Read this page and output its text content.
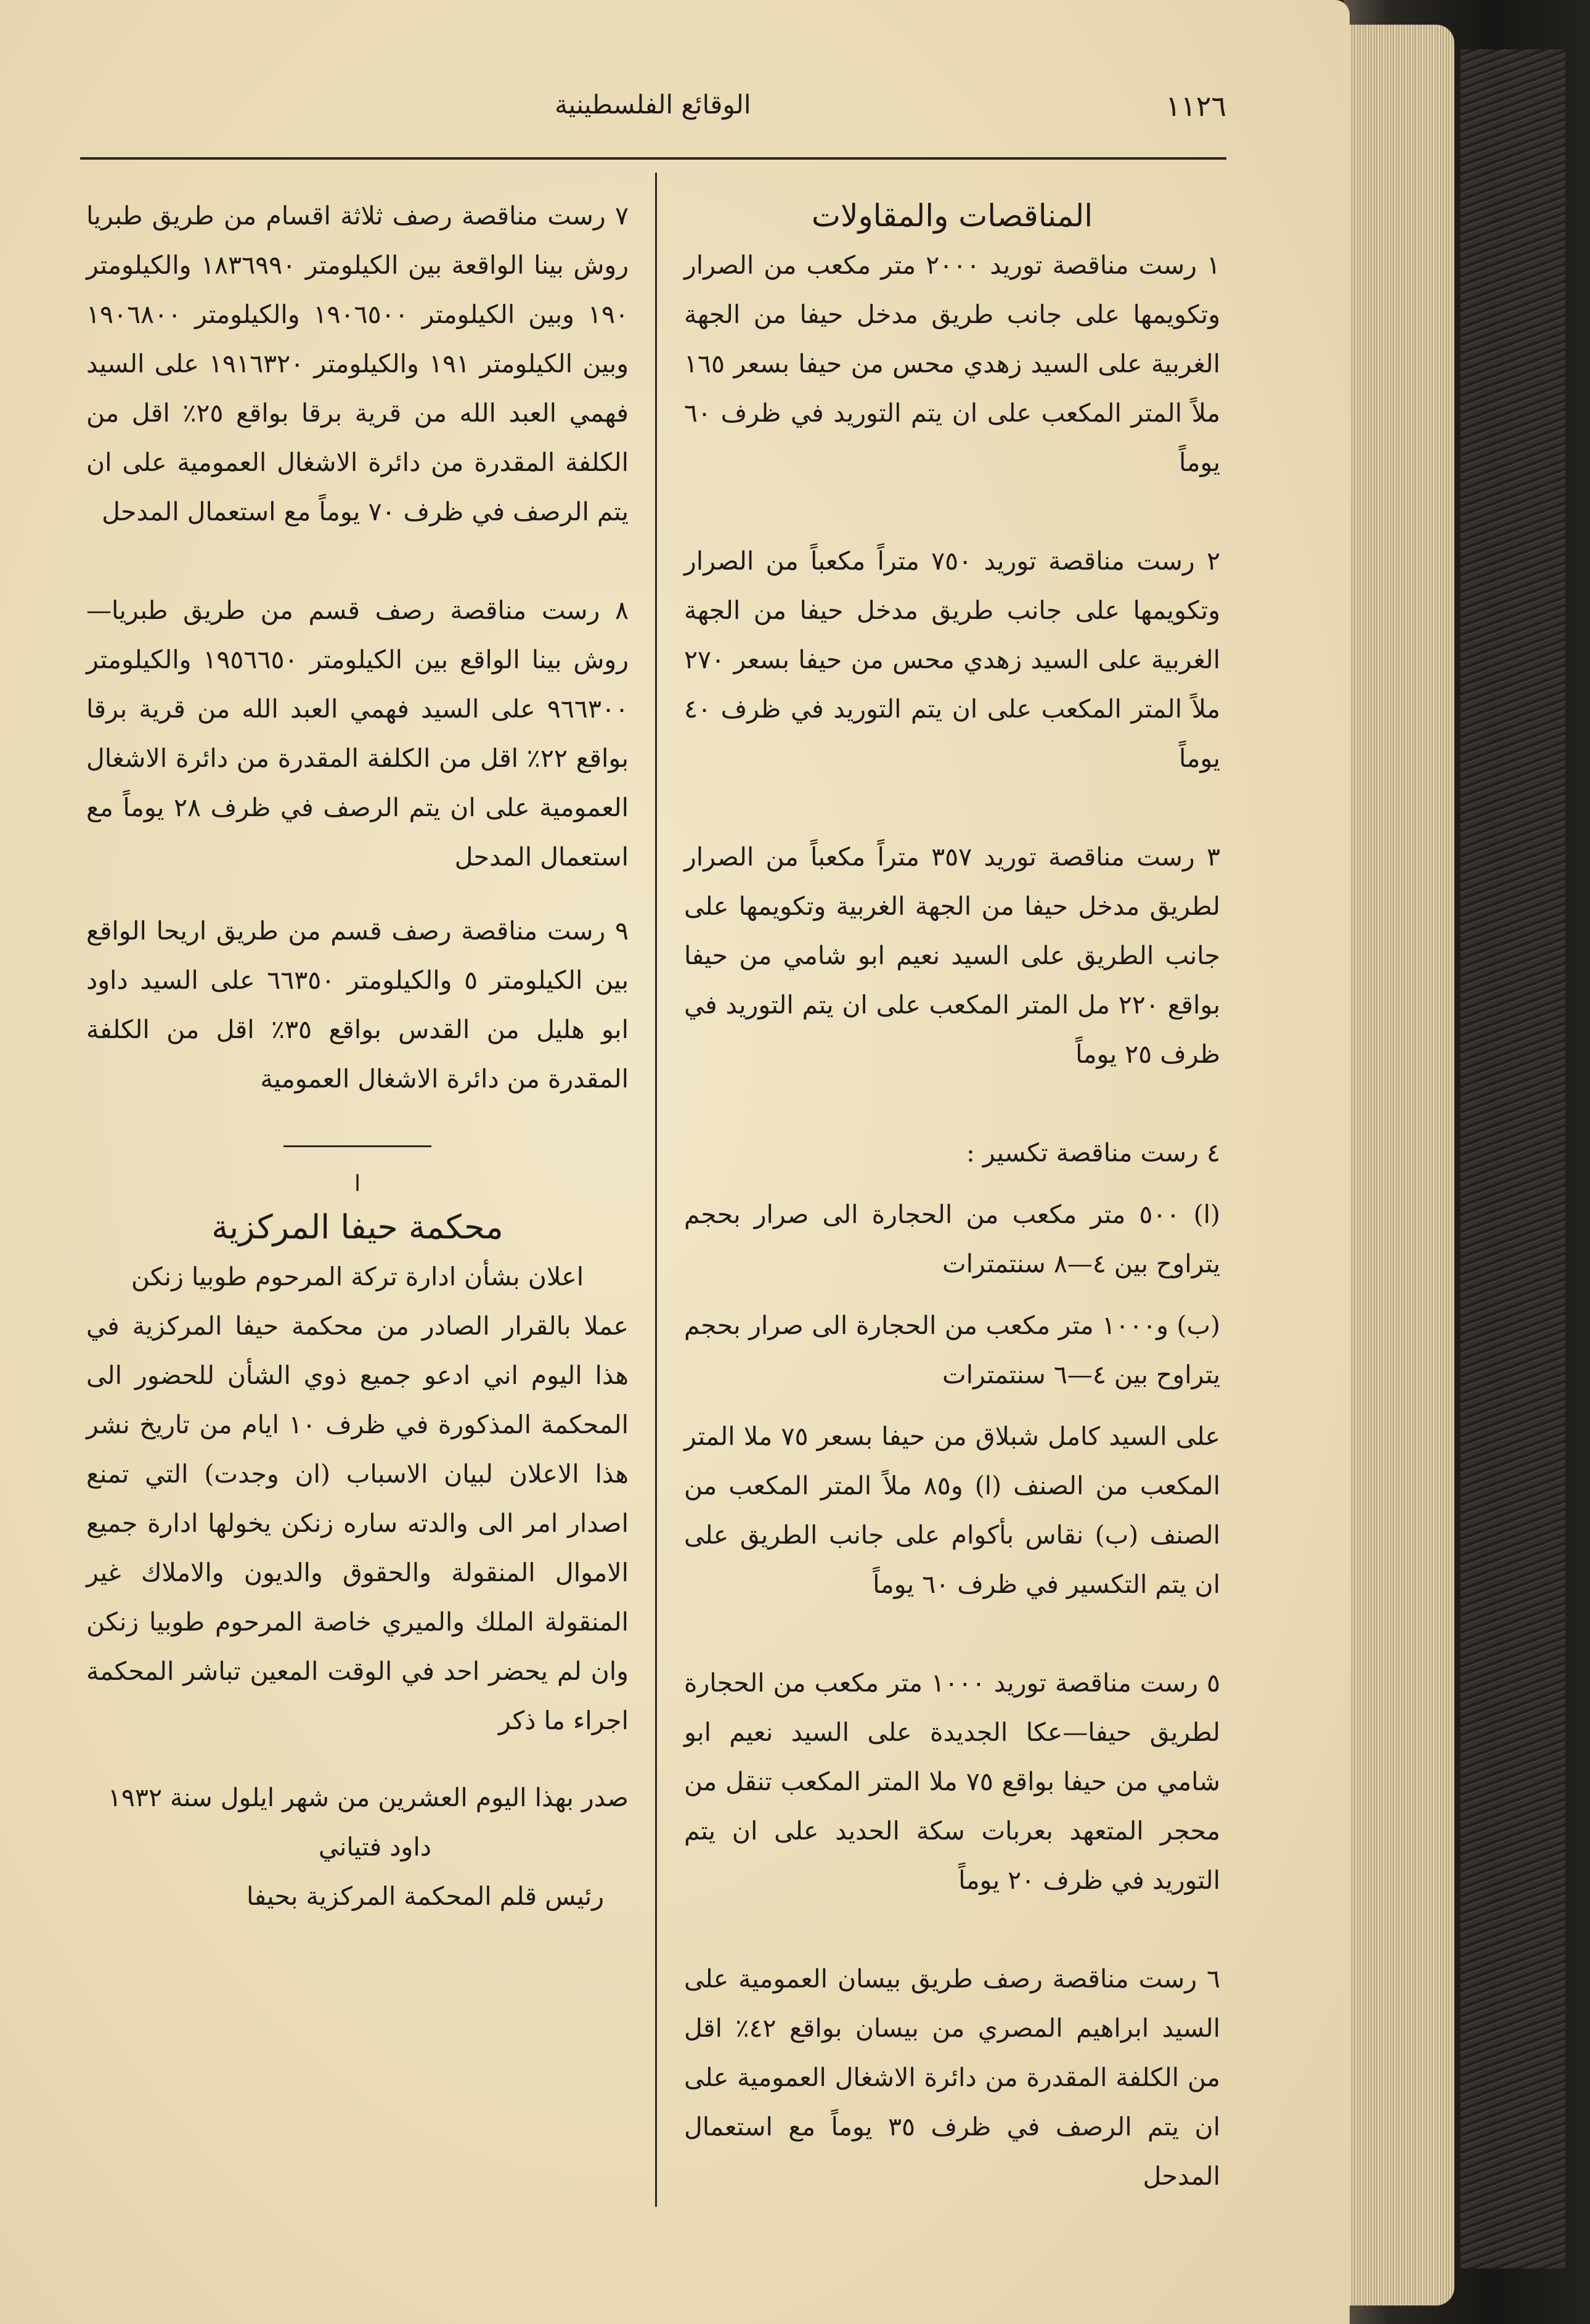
١١٢٦
الوقائع الفلسطينية

المناقصات والمقاولات

١ رست مناقصة توريد ٢٠٠٠ متر مكعب من الصرار وتكويمها على جانب طريق مدخل حيفا من الجهة الغربية على السيد زهدي محس من حيفا بسعر ١٦٥ ملاً المتر المكعب على ان يتم التوريد في ظرف ٦٠ يوماً

٢ رست مناقصة توريد ٧٥٠ متراً مكعباً من الصرار وتكويمها على جانب طريق مدخل حيفا من الجهة الغربية على السيد زهدي محس من حيفا بسعر ٢٧٠ ملاً المتر المكعب على ان يتم التوريد في ظرف ٤٠ يوماً

٣ رست مناقصة توريد ٣٥٧ متراً مكعباً من الصرار لطريق مدخل حيفا من الجهة الغربية وتكويمها على جانب الطريق على السيد نعيم ابو شامي من حيفا بواقع ٢٢٠ مل المتر المكعب على ان يتم التوريد في ظرف ٢٥ يوماً

٤ رست مناقصة تكسير :

(ا) ٥٠٠ متر مكعب من الحجارة الى صرار بحجم يتراوح بين ٤—٨ سنتمترات

(ب) و١٠٠٠ متر مكعب من الحجارة الى صرار بحجم يتراوح بين ٤—٦ سنتمترات

على السيد كامل شبلاق من حيفا بسعر ٧٥ ملا المتر المكعب من الصنف (ا) و٨٥ ملاً المتر المكعب من الصنف (ب) نقاس بأكوام على جانب الطريق على ان يتم التكسير في ظرف ٦٠ يوماً

٥ رست مناقصة توريد ١٠٠٠ متر مكعب من الحجارة لطريق حيفا—عكا الجديدة على السيد نعيم ابو شامي من حيفا بواقع ٧٥ ملا المتر المكعب تنقل من محجر المتعهد بعربات سكة الحديد على ان يتم التوريد في ظرف ٢٠ يوماً

٦ رست مناقصة رصف طريق بيسان العمومية على السيد ابراهيم المصري من بيسان بواقع ٤٢٪ اقل من الكلفة المقدرة من دائرة الاشغال العمومية على ان يتم الرصف في ظرف ٣٥ يوماً مع استعمال المدحل

٧ رست مناقصة رصف ثلاثة اقسام من طريق طبريا روش بينا الواقعة بين الكيلومتر ١٨٣٦٩٩٠ والكيلومتر ١٩٠ وبين الكيلومتر ١٩٠٦٥٠٠ والكيلومتر ١٩٠٦٨٠٠ وبين الكيلومتر ١٩١ والكيلومتر ١٩١٦٣٢٠ على السيد فهمي العبد الله من قرية برقا بواقع ٢٥٪ اقل من الكلفة المقدرة من دائرة الاشغال العمومية على ان يتم الرصف في ظرف ٧٠ يوماً مع استعمال المدحل

٨ رست مناقصة رصف قسم من طريق طبريا— روش بينا الواقع بين الكيلومتر ١٩٥٦٦٥٠ والكيلومتر ٩٦٦٣٠٠ على السيد فهمي العبد الله من قرية برقا بواقع ٢٢٪ اقل من الكلفة المقدرة من دائرة الاشغال العمومية على ان يتم الرصف في ظرف ٢٨ يوماً مع استعمال المدحل

٩ رست مناقصة رصف قسم من طريق اريحا الواقع بين الكيلومتر ٥ والكيلومتر ٦٦٣٥٠ على السيد داود ابو هليل من القدس بواقع ٣٥٪ اقل من الكلفة المقدرة من دائرة الاشغال العمومية

ا

محكمة حيفا المركزية

اعلان بشأن ادارة تركة المرحوم طوبيا زنكن

عملا بالقرار الصادر من محكمة حيفا المركزية في هذا اليوم اني ادعو جميع ذوي الشأن للحضور الى المحكمة المذكورة في ظرف ١٠ ايام من تاريخ نشر هذا الاعلان لبيان الاسباب (ان وجدت) التي تمنع اصدار امر الى والدته ساره زنكن يخولها ادارة جميع الاموال المنقولة والحقوق والديون والاملاك غير المنقولة الملك والميري خاصة المرحوم طوبيا زنكن وان لم يحضر احد في الوقت المعين تباشر المحكمة اجراء ما ذكر

صدر بهذا اليوم العشرين من شهر ايلول سنة ١٩٣٢

داود فتياني

رئيس قلم المحكمة المركزية بحيفا
